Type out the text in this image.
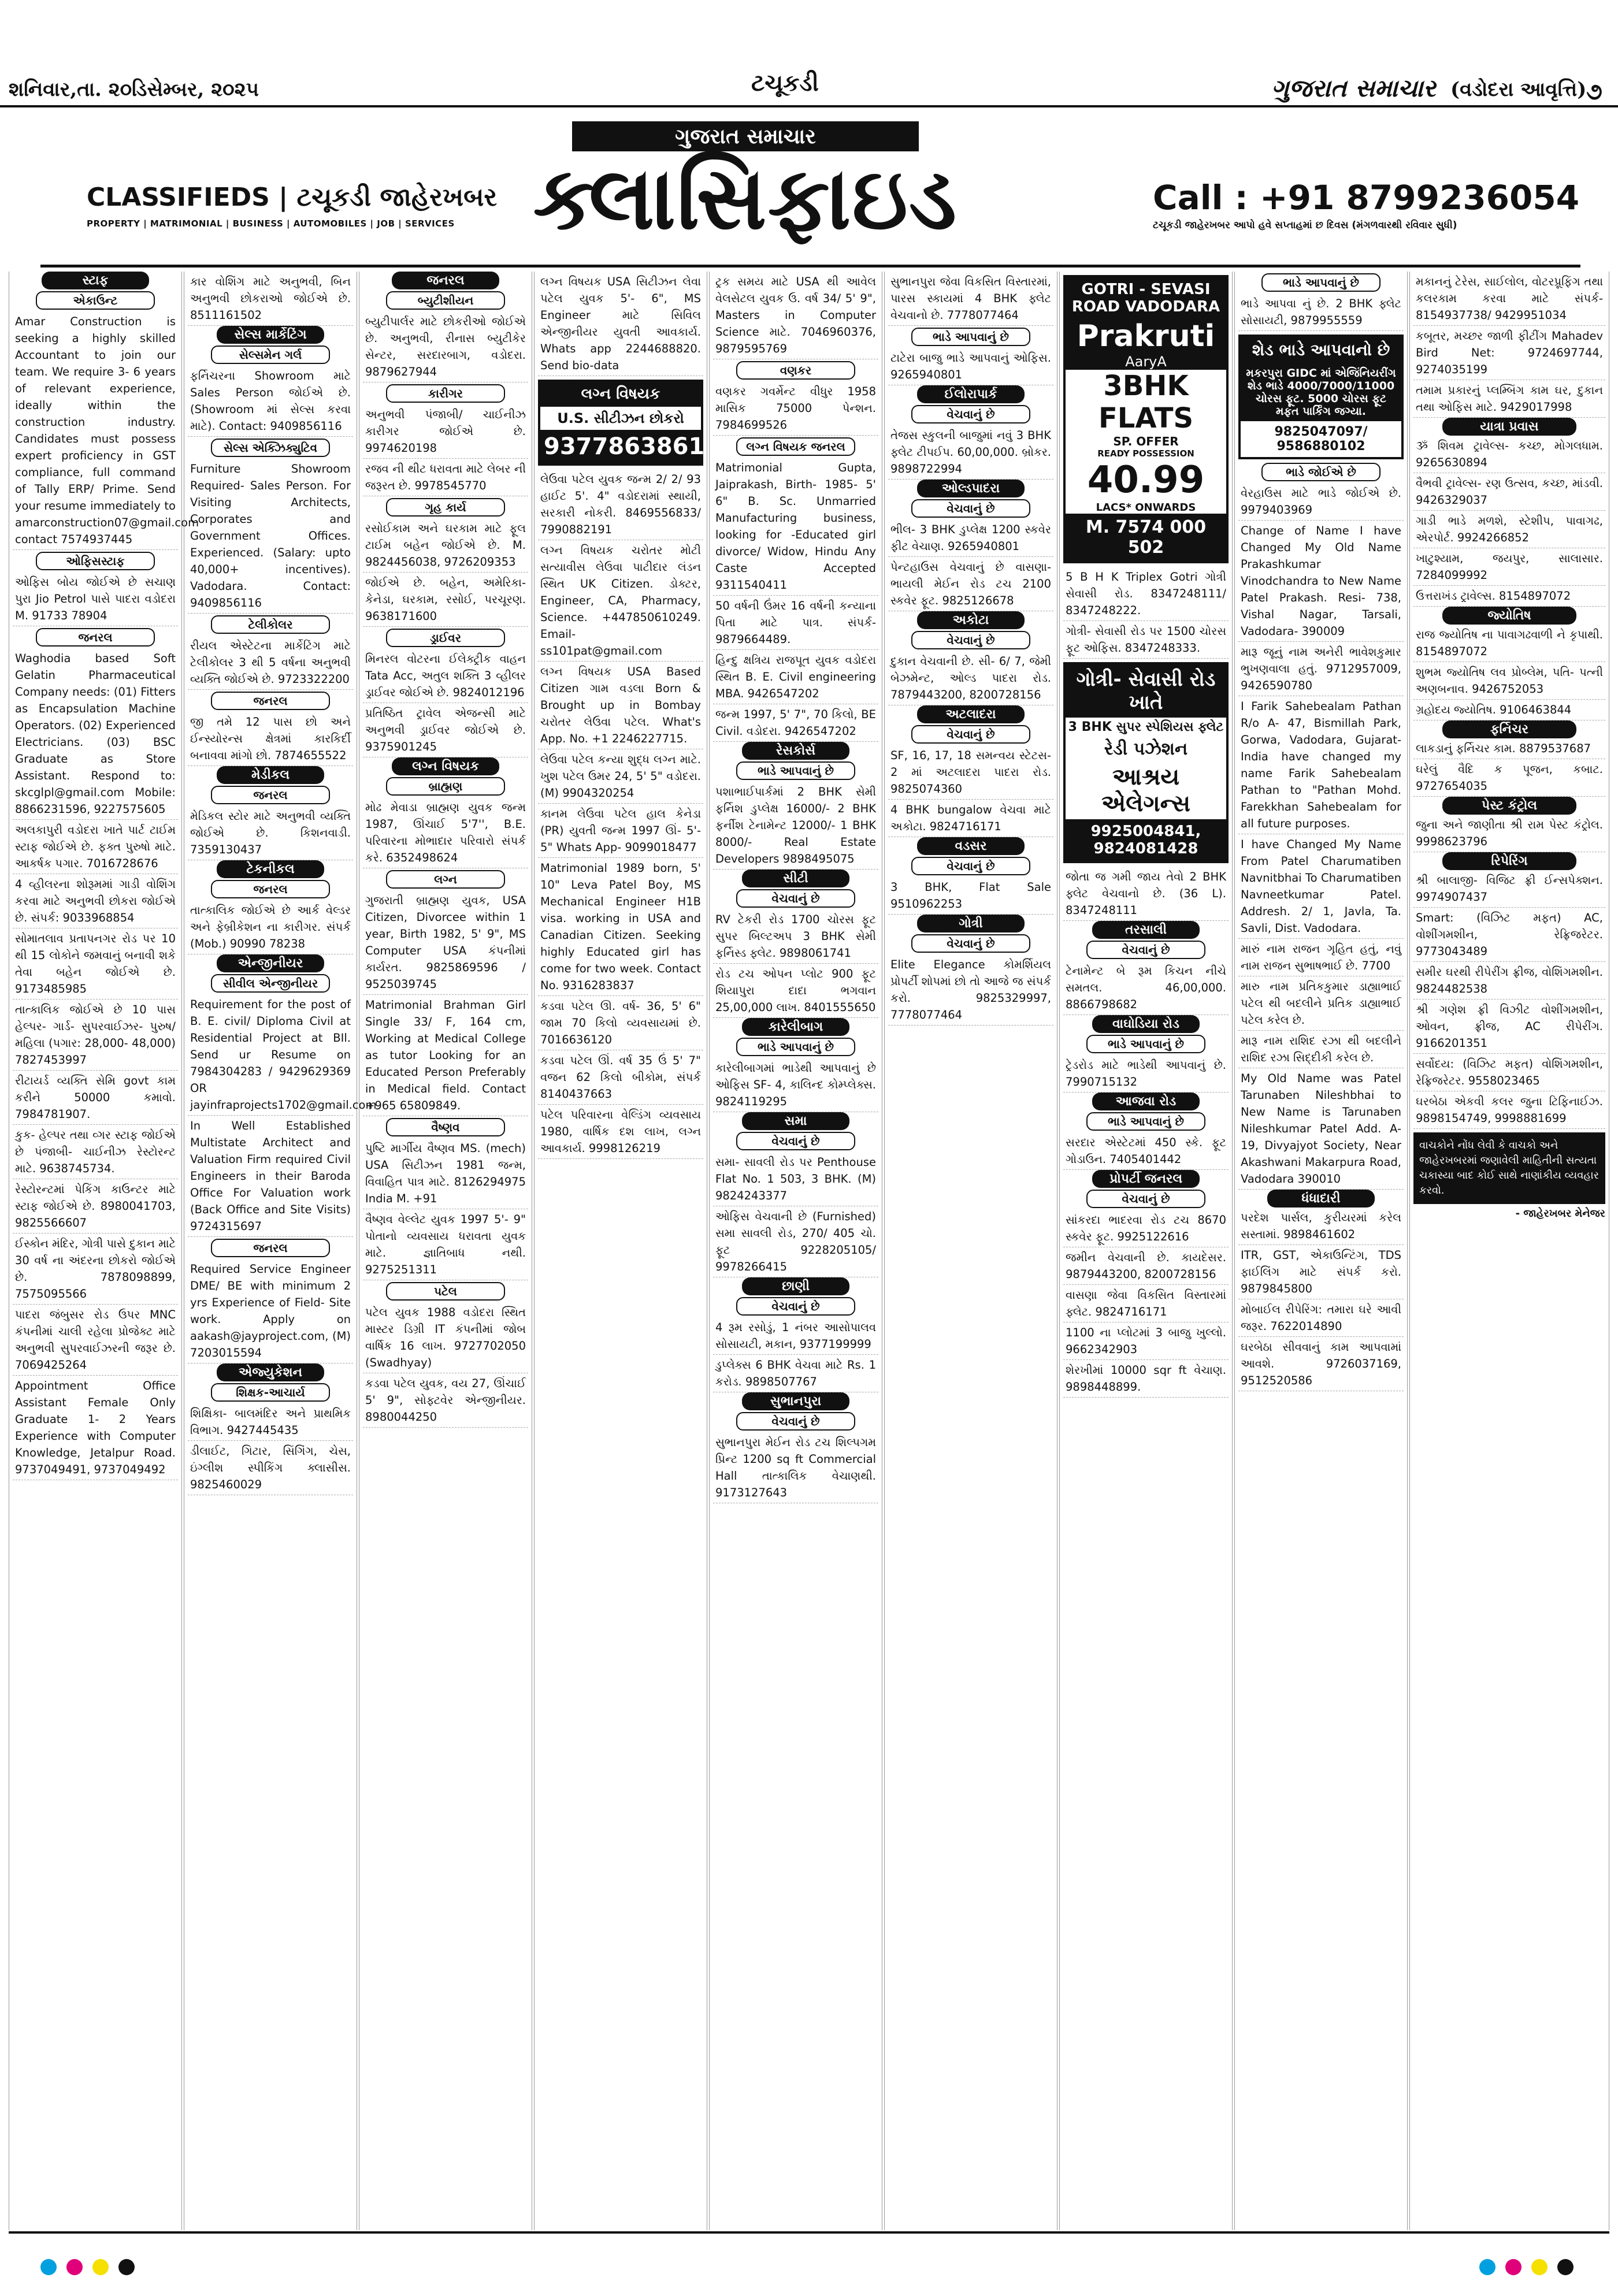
શનિવાર,તા. ૨૦ડિસેમ્બર, ૨૦૨૫	ટચૂકડી	ગુજરાત સમાચાર (વડોદરા આવૃત્તિ) ૭
ગુજરાત સમાચાર
ક્લાસિફાઇડ
CLASSIFIEDS | ટચૂકડી જાહેરખબર
PROPERTY | MATRIMONIAL | BUSINESS | AUTOMOBILES | JOB | SERVICES
Call : +91 8799236054
ટચૂકડી જાહેરખબર આપો હવે સપ્તાહમાં છ દિવસ (મંગળવારથી રવિવાર સુધી)
સ્ટાફ
એકાઉન્ટ
Amar Construction is seeking a highly skilled Accountant to join our team. We require 3- 6 years of relevant experience, ideally within the construction industry. Candidates must possess expert proficiency in GST compliance, full command of Tally ERP/ Prime. Send your resume immediately to amarconstruction07@gmail.com contact 7574937445
ઓફિસસ્ટાફ
ઓફિસ બોય જોઈએ છે સચાણ પુરા Jio Petrol પાસે પાદરા વડોદરા M. 91733 78904
જનરલ
Waghodia based Soft Gelatin Pharmaceutical Company needs: (01) Fitters as Encapsulation Machine Operators. (02) Experienced Electricians. (03) BSC Graduate as Store Assistant. Respond to: skcglpl@gmail.com Mobile: 8866231596, 9227575605
અલકાપુરી વડોદરા ખાતે પાર્ટ ટાઈમ સ્ટાફ જોઈએ છે. ફક્ત પુરુષો માટે. આકર્ષક પગાર. 7016728676
4 વ્હીલરના શોરૂમમાં ગાડી વોશિંગ કરવા માટે અનુભવી છોકરા જોઈએ છે. સંપર્ક: 9033968854
સોમાતલાવ પ્રતાપનગર રોડ પર 10 થી 15 લોકોને જમવાનું બનાવી શકે તેવા બહેન જોઈએ છે. 9173485985
તાત્કાલિક જોઈએ છે 10 પાસ હેલ્પર- ગાર્ડ- સુપરવાઈઝર- પુરુષ/ મહિલા (પગાર: 28,000- 48,000) 7827453997
રીટાયર્ડ વ્યક્તિ સેમિ govt કામ કરીને 50000 કમાવો. 7984781907.
કુક- હેલ્પર તથા વ્ગર સ્ટાફ જોઈએ છે પંજાબી- ચાઈનીઝ રેસ્ટોરન્ટ માટે. 9638745734.
રેસ્ટોરન્ટમાં પેકિંગ કાઉન્ટર માટે સ્ટાફ જોઈએ છે. 8980041703, 9825566607
ઈસ્કોન મંદિર, ગોત્રી પાસે દુકાન માટે 30 વર્ષ ના અંદરના છોકરો જોઈએ છે. 7878098899, 7575095566
પાદરા જંબુસર રોડ ઉપર MNC કંપનીમાં ચાલી રહેલા પ્રોજેક્ટ માટે અનુભવી સુપરવાઈઝરની જરૂર છે. 7069425264
Appointment Office Assistant Female Only Graduate 1- 2 Years Experience with Computer Knowledge, Jetalpur Road. 9737049491, 9737049492
કાર વોશિંગ માટે અનુભવી, બિન અનુભવી છોકરાઓ જોઈએ છે. 8511161502
સેલ્સ માર્કેટિંગ
સેલ્સમેન ગર્લ
ફર્નિચરના Showroom માટે Sales Person જોઈએ છે. (Showroom માં સેલ્સ કરવા માટે). Contact: 9409856116
સેલ્સ એક્ઝિક્યુટિવ
Furniture Showroom Required- Sales Person. For Visiting Architects, Corporates and Government Offices. Experienced. (Salary: upto 40,000+ incentives). Vadodara. Contact: 9409856116
ટેલીકોલર
રીયલ એસ્ટેટના માર્કેટિંગ માટે ટેલીકોલર 3 થી 5 વર્ષના અનુભવી વ્યક્તિ જોઈએ છે. 9723322200
જનરલ
જી તમે 12 પાસ છો અને ઈન્સ્યોરન્સ ક્ષેત્રમાં કારકિર્દી બનાવવા માંગો છો. 7874655522
મેડીકલ
જનરલ
મેડિકલ સ્ટોર માટે અનુભવી વ્યક્તિ જોઈએ છે. કિશનવાડી. 7359130437
ટેકનીકલ
જનરલ
તાત્કાલિક જોઈએ છે આર્ક વેલ્ડર અને ફેબ્રીકેશન ના કારીગર. સંપર્ક (Mob.) 90990 78238
એન્જીનીયર
સીવીલ એન્જીનીયર
Requirement for the post of B. E. civil/ Diploma Civil at Residential Project at BIl. Send ur Resume on 7984304283 / 9429629369 OR jayinfraprojects1702@gmail.com
In Well Established Multistate Architect and Valuation Firm required Civil Engineers in their Baroda Office For Valuation work (Back Office and Site Visits) 9724315697
જનરલ
Required Service Engineer DME/ BE with minimum 2 yrs Experience of Field- Site work. Apply on aakash@jayproject.com, (M) 7203015594
એજ્યુકેશન
શિક્ષક-આચાર્ય
શિક્ષિકા- બાલમંદિર અને પ્રાથમિક વિભાગ. 9427445435
ડીલાઈટ, ગિટાર, સિંગિંગ, ચેસ, ઇંગ્લીશ સ્પીકિંગ ક્લાસીસ. 9825460029
જનરલ
બ્યુટીશીયન
બ્યુટીપાર્લર માટે છોકરીઓ જોઈએ છે. અનુભવી, રીનાસ બ્યુટીકેર સેન્ટર, સરદારબાગ, વડોદરા. 9879627944
કારીગર
અનુભવી પંજાબી/ ચાઈનીઝ કારીગર જોઈએ છે. 9974620198
રજવ ની થીટ ધરાવતા માટે લેબર ની જરૂરત છે. 9978545770
ગૃહ કાર્ય
રસોઈકામ અને ઘરકામ માટે ફૂલ ટાઈમ બહેન જોઈએ છે. M. 9824456038, 9726209353
જોઈએ છે. બહેન, અમેરિકા- કેનેડા, ઘરકામ, રસોઈ, પરચૂરણ. 9638171600
ડ્રાઈવર
મિનરલ વોટરના ઈલેક્ટ્રીક વાહન Tata Acc, અતુલ શક્તિ 3 વ્હીલર ડ્રાઈવર જોઈએ છે. 9824012196
પ્રતિષ્ઠિત ટ્રાવેલ એજન્સી માટે અનુભવી ડ્રાઈવર જોઈએ છે. 9375901245
લગ્ન વિષયક
બ્રાહ્મણ
મોઢ મેવાડા બ્રાહ્મણ યુવક જન્મ 1987, ઊંચાઈ 5'7'', B.E. પરિવારના મોભાદાર પરિવારો સંપર્ક કરે. 6352498624
લગ્ન
ગુજરાતી બ્રાહ્મણ યુવક, USA Citizen, Divorcee within 1 year, Birth 1982, 5' 9", MS Computer USA કંપનીમાં કાર્યરત. 9825869596 / 9525039745
Matrimonial Brahman Girl Single 33/ F, 164 cm, Working at Medical College as tutor Looking for an Educated Person Preferably in Medical field. Contact +965 65809849.
વૈષ્ણવ
પુષ્ટિ માર્ગીય વૈષ્ણવ MS. (mech) USA સિટીઝન 1981 જન્મ, વિવાહિત પાત્ર માટે. 8126294975 India M. +91
વૈષ્ણવ વેલ્લેટ યુવક 1997 5'- 9" પોતાનો વ્યવસાય ધરાવતા યુવક માટે. જ્ઞાતિબાધ નથી. 9275251311
પટેલ
પટેલ યુવક 1988 વડોદરા સ્થિત માસ્ટર ડિગ્રી IT કંપનીમાં જોબ વાર્ષિક 16 લાખ. 9727702050 (Swadhyay)
કડવા પટેલ યુવક, વય 27, ઊંચાઈ 5' 9", સોફ્ટવેર એન્જીનીયર. 8980044250
લગ્ન વિષયક USA સિટીઝન લેવા પટેલ યુવક 5'- 6", MS Engineer માટે સિવિલ એન્જીનીયર યુવતી આવકાર્ય. Whats app 2244688820. Send bio-data
લગ્ન વિષયક
U.S. સીટીઝન છોકરો
9377863861
લેઉવા પટેલ યુવક જન્મ 2/ 2/ 93 હાઈટ 5'. 4" વડોદરામાં સ્થાયી, સરકારી નોકરી. 8469556833/ 7990882191
લગ્ન વિષયક ચરોતર મોટી સત્યાવીસ લેઉવા પાટીદાર લંડન સ્થિત UK Citizen. ડોક્ટર, Engineer, CA, Pharmacy, Science. +447850610249. Email- ss101pat@gmail.com
લગ્ન વિષયક USA Based Citizen ગામ વડલા Born & Brought up in Bombay ચરોતર લેઉવા પટેલ. What's App. No. +1 2246227715.
લેઉવા પટેલ કન્યા શુદ્ધ લગ્ન માટે. ખુશ પટેલ ઉમર 24, 5' 5" વડોદરા. (M) 9904320254
કાનમ લેઉવા પટેલ હાલ કેનેડા (PR) યુવતી જન્મ 1997 ઊં- 5'- 5" Whats App- 9099018477
Matrimonial 1989 born, 5' 10" Leva Patel Boy, MS Mechanical Engineer H1B visa. working in USA and Canadian Citizen. Seeking highly Educated girl has come for two week. Contact No. 9316283837
કડવા પટેલ ઊ. વર્ષ- 36, 5' 6" જામ 70 કિલો વ્યવસાયમાં છે. 7016636120
કડવા પટેલ ઊં. વર્ષ 35 ઉં 5' 7" વજન 62 કિલો બીકોમ, સંપર્ક 8140437663
પટેલ પરિવારના વેલ્ડિંગ વ્યવસાય 1980, વાર્ષિક દશ લાખ, લગ્ન આવકાર્ય. 9998126219
ટ્રક સમય માટે USA થી આવેલ વેલસેટલ યુવક ઉ. વર્ષ 34/ 5' 9", Masters in Computer Science માટે. 7046960376, 9879595769
વણકર
વણકર ગવર્મેન્ટ વીધુર 1958 માસિક 75000 પેન્શન. 7984699526
લગ્ન વિષયક જનરલ
Matrimonial Gupta, Jaiprakash, Birth- 1985- 5' 6" B. Sc. Unmarried Manufacturing business, looking for -Educated girl divorce/ Widow, Hindu Any Caste Accepted 9311540411
50 વર્ષની ઉંમર 16 વર્ષની કન્યાના પિતા માટે પાત્ર. સંપર્ક- 9879664489.
હિન્દુ ક્ષત્રિય રાજપૂત યુવક વડોદરા સ્થિત B. E. Civil engineering MBA. 9426547202
જન્મ 1997, 5' 7", 70 કિલો, BE Civil. વડોદરા. 9426547202
રેસકોર્સ
ભાડે આપવાનું છે
પશાભાઈપાર્કમાં 2 BHK સેમી ફર્નિશ ડુપ્લેક્ષ 16000/- 2 BHK ફર્નીશ ટેનામેન્ટ 12000/- 1 BHK 8000/- Real Estate Developers 9898495075
સીટી
વેચવાનું છે
RV ટેકરી રોડ 1700 ચોરસ ફૂટ સુપર બિલ્ટઅપ 3 BHK સેમી ફર્નિસ્ડ ફ્લેટ. 9898061741
રોડ ટચ ઓપન પ્લોટ 900 ફૂટ શિયાપુરા દાદા ભગવાન 25,00,000 લાખ. 8401555650
કારેલીબાગ
ભાડે આપવાનું છે
કારેલીબાગમાં ભાડેથી આપવાનું છે ઓફિસ SF- 4, કાલિન્દ કોમ્પ્લેક્સ. 9824119295
સમા
વેચવાનું છે
સમા- સાવલી રોડ પર Penthouse Flat No. 1 503, 3 BHK. (M) 9824243377
ઓફિસ વેચવાની છે (Furnished) સમા સાવલી રોડ, 270/ 405 ચો. ફૂટ 9228205105/ 9978266415
છાણી
વેચવાનું છે
4 રૂમ રસોડું, 1 નંબર આસોપાલવ સોસાયટી, મકાન, 9377199999
ડુપ્લેક્સ 6 BHK વેચવા માટે Rs. 1 કરોડ. 9898507767
સુભાનપુરા
વેચવાનું છે
સુભાનપુરા મેઈન રોડ ટચ શિલ્પગમ પ્રિન્ટ 1200 sq ft Commercial Hall તાત્કાલિક વેચાણથી. 9173127643
સુભાનપુરા જેવા વિકસિત વિસ્તારમાં, પારસ સ્કાયમાં 4 BHK ફ્લેટ વેચવાનો છે. 7778077464
ભાડે આપવાનું છે
ટાટેરા બાજુ ભાડે આપવાનું ઓફિસ. 9265940801
ઈલોરાપાર્ક
વેચવાનું છે
તેજસ સ્કુલની બાજુમાં નવું 3 BHK ફ્લેટ ટીપઈપ. 60,00,000. બ્રોકર. 9898722994
ઓલ્ડપાદરા
વેચવાનું છે
ભીલ- 3 BHK ડુપ્લેક્ષ 1200 સ્કવેર ફીટ વેચાણ. 9265940801
પેન્ટહાઉસ વેચવાનું છે વાસણા- ભાયલી મેઈન રોડ ટચ 2100 સ્કવેર ફૂટ. 9825126678
અકોટા
વેચવાનું છે
દુકાન વેચવાની છે. સી- 6/ 7, જેમી બેઝમેન્ટ, ઓલ્ડ પાદરા રોડ. 7879443200, 8200728156
અટલાદરા
વેચવાનું છે
SF, 16, 17, 18 સમન્વય સ્ટેટસ- 2 માં અટલાદરા પાદરા રોડ. 9825074360
4 BHK bungalow વેચવા માટે અકોટા. 9824716171
વડસર
વેચવાનું છે
3 BHK, Flat Sale 9510962253
ગોત્રી
વેચવાનું છે
Elite Elegance કોમર્શિયલ પ્રોપર્ટી શોપમાં છો તો આજે જ સંપર્ક કરો. 9825329997, 7778077464
GOTRI - SEVASI ROAD VADODARA
Prakruti
AaryA
3BHK FLATS
SP. OFFER
READY POSSESSION
40.99
LACS* ONWARDS
M. 7574 000 502
5 B H K Triplex Gotri ગોત્રી સેવાસી રોડ. 8347248111/ 8347248222.
ગોત્રી- સેવાસી રોડ પર 1500 ચોરસ ફૂટ ઓફિસ. 8347248333.
ગોત્રી- સેવાસી રોડ ખાતે
3 BHK સુપર સ્પેશિયસ ફ્લેટ
રેડી પઝેશન
આશ્રય એલેગન્સ
9925004841, 9824081428
જોતા જ ગમી જાય તેવો 2 BHK ફ્લેટ વેચવાનો છે. (36 L). 8347248111
તરસાલી
વેચવાનું છે
ટેનામેન્ટ બે રૂમ કિચન નીચે સમતલ. 46,00,000. 8866798682
વાઘોડિયા રોડ
ભાડે આપવાનું છે
ટ્રેડરોડ માટે ભાડેથી આપવાનું છે. 7990715132
આજવા રોડ
ભાડે આપવાનું છે
સરદાર એસ્ટેટમાં 450 સ્કે. ફૂટ ગોડાઉન. 7405401442
પ્રોપર્ટી જનરલ
વેચવાનું છે
સાંકરદા ભાદરવા રોડ ટચ 8670 સ્કવેર ફૂટ. 9925122616
જમીન વેચવાની છે. કાયદેસર. 9879443200, 8200728156
વાસણા જેવા વિકસિત વિસ્તારમાં ફ્લેટ. 9824716171
1100 ના પ્લોટમાં 3 બાજુ ખુલ્લો. 9662342903
શેરખીમાં 10000 sqr ft વેચાણ. 9898448899.
ભાડે આપવાનું છે
ભાડે આપવા નું છે. 2 BHK ફ્લેટ સોસાયટી, 9879955559
શેડ ભાડે આપવાનો છે
મકરપુરા GIDC માં એજિંનિયરીંગ શેડ ભાડે 4000/7000/11000 ચોરસ ફૂટ. 5000 ચોરસ ફૂટ મફત પાર્કિંગ જગ્યા.
9825047097/ 9586880102
ભાડે જોઈએ છે
વેરહાઉસ માટે ભાડે જોઈએ છે. 9979403969
Change of Name I have Changed My Old Name Prakashkumar Vinodchandra to New Name Patel Prakash. Resi- 738, Vishal Nagar, Tarsali, Vadodara- 390009
મારૂ જૂનું નામ અનેરી ભાવેશકુમાર ભુખણવાલા હતું. 9712957009, 9426590780
I Farik Sahebealam Pathan R/o A- 47, Bismillah Park, Gorwa, Vadodara, Gujarat- India have changed my name Farik Sahebealam Pathan to "Pathan Mohd. Farekkhan Sahebealam for all future purposes.
I have Changed My Name From Patel Charumatiben Navnitbhai To Charumatiben Navneetkumar Patel. Addresh. 2/ 1, Javla, Ta. Savli, Dist. Vadodara.
મારું નામ રાજન ગૃહિત હતું, નવું નામ રાજન સુભાષભાઈ છે. 7700
મારુ નામ પ્રતિકકુમાર ડાહ્યાભાઈ પટેલ થી બદલીને પ્રતિક ડાહ્યાભાઈ પટેલ કરેલ છે.
મારૂ નામ રાશિદ રઝા થી બદલીને રાશિદ રઝા સિદ્દીકી કરેલ છે.
My Old Name was Patel Tarunaben Nileshbhai to New Name is Tarunaben Nileshkumar Patel Add. A- 19, Divyajyot Society, Near Akashwani Makarpura Road, Vadodara 390010
ધંધાદારી
પરદેશ પાર્સલ, કુરીયરમાં કરેલ સસ્તામાં. 9898461602
ITR, GST, એકાઉન્ટિંગ, TDS ફાઈલિંગ માટે સંપર્ક કરો. 9879845800
મોબાઈલ રીપેરિંગ: તમારા ઘરે આવી જરૂર. 7622014890
ઘરબેઠા સીવવાનું કામ આપવામાં આવશે. 9726037169, 9512520586
મકાનનું ટેરેસ, સાઈલોલ, વોટરપ્રૂફિંગ તથા કલરકામ કરવા માટે સંપર્ક- 8154937738/ 9429951034
કબૂતર, મચ્છર જાળી ફીટીંગ Mahadev Bird Net: 9724697744, 9274035199
તમામ પ્રકારનું પ્લમ્બિંગ કામ ઘર, દુકાન તથા ઓફિસ માટે. 9429017998
યાત્રા પ્રવાસ
ૐ શિવમ ટ્રાવેલ્સ- કચ્છ, મોગલધામ. 9265630894
વૈભવી ટ્રાવેલ્સ- રણ ઉત્સવ, કચ્છ, માંડવી. 9426329037
ગાડી ભાડે મળશે, સ્ટેશીપ, પાવાગઢ, એરપોર્ટ. 9924266852
ખાટુશ્યામ, જયપુર, સાલાસાર. 7284099992
ઉત્તરાખંડ ટ્રાવેલ્સ. 8154897072
જ્યોતિષ
રાજ જ્યોતિષ ના પાવાગઢવાળી ને કૃપાથી. 8154897072
શુભમ જ્યોતિષ લવ પ્રોબ્લેમ, પતિ- પત્ની અણબનાવ. 9426752053
ગ્રહોદય જ્યોતિષ. 9106463844
ફર્નિચર
લાકડાનું ફર્નિચર કામ. 8879537687
ઘરેલું વૈદિ ક પૂજન, કબાટ. 9727654035
પેસ્ટ કંટ્રોલ
જુના અને જાણીતા શ્રી રામ પેસ્ટ કંટ્રોલ. 9998623796
રિપેરિંગ
શ્રી બાલાજી- વિજિટ ફ્રી ઈન્સપેક્શન. 9974907437
Smart: (વિઝિટ મફત) AC, વોશીંગમશીન, રેફ્રિજરેટર. 9773043489
સમીર ઘરથી રીપેરીંગ ફ્રીજ, વોશિંગમશીન. 9824482538
શ્રી ગણેશ ફ્રી વિઝીટ વોશીંગમશીન, ઓવન, ફ્રીજ, AC રીપેરીંગ. 9166201351
સર્વોદય: (વિઝિટ મફત) વોશિંગમશીન, રેફ્રિજરેટર. 9558023465
ઘરબેઠા એકવી કલર જુના ટિફિનાઈઝ. 9898154749, 9998881699
વાચકોને નોંધ લેવી કે વાચકો અને જાહેરખબરમાં જણાવેલી માહિતીની સત્યતા ચકાસ્યા બાદ કોઈ સાથે નાણાંકીય વ્યવહાર કરવો.
- જાહેરખબર મેનેજર
